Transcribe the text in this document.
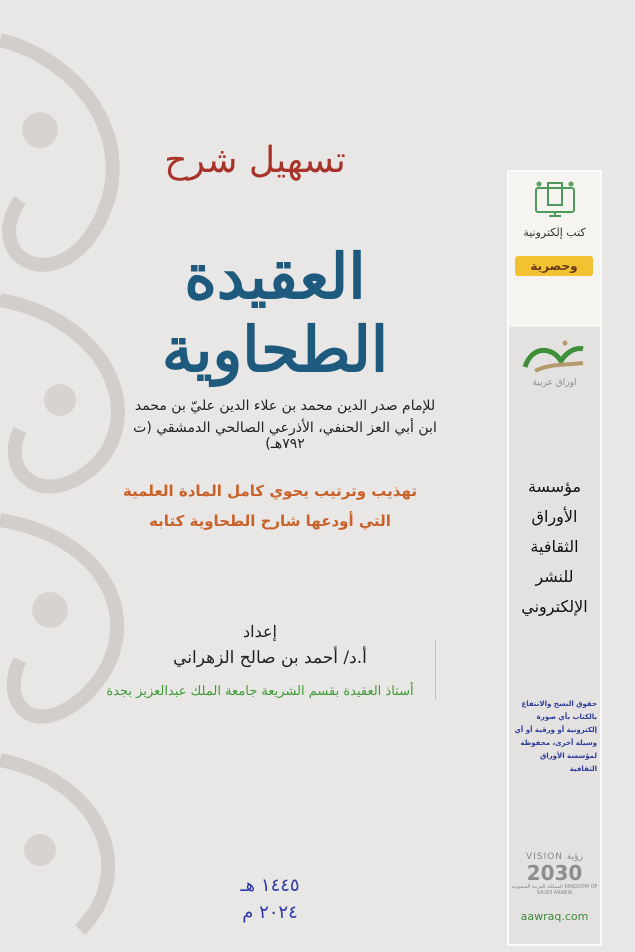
تسهيل شرح
العقيدة الطحاوية
للإمام صدر الدين محمد بن علاء الدين عليّ بن محمد
ابن أبي العز الحنفي، الأذرعي الصالحي الدمشقي (ت ٧٩٢هـ)
تهذيب وترتيب يحوي كامل المادة العلمية
التي أودعها شارح الطحاوية كتابه
إعداد
أ.د/ أحمد بن صالح الزهراني
أستاذ العقيدة بقسم الشريعة جامعة الملك عبدالعزيز بجدة
١٤٤٥ هـ
٢٠٢٤ م
كتب إلكترونية
وحصرية
اوراق عربية
مؤسسة
الأوراق
الثقافية
للنشر
الإلكتروني
حقوق النسخ والانتفاع بالكتاب بأي صورة إلكترونية أو ورقية أو أي وسيلة أخرى، محفوظة لمؤسسة الأوراق الثقافية
VISION رؤية
2030
المملكة العربية السعودية KINGDOM OF SAUDI ARABIA
aawraq.com
